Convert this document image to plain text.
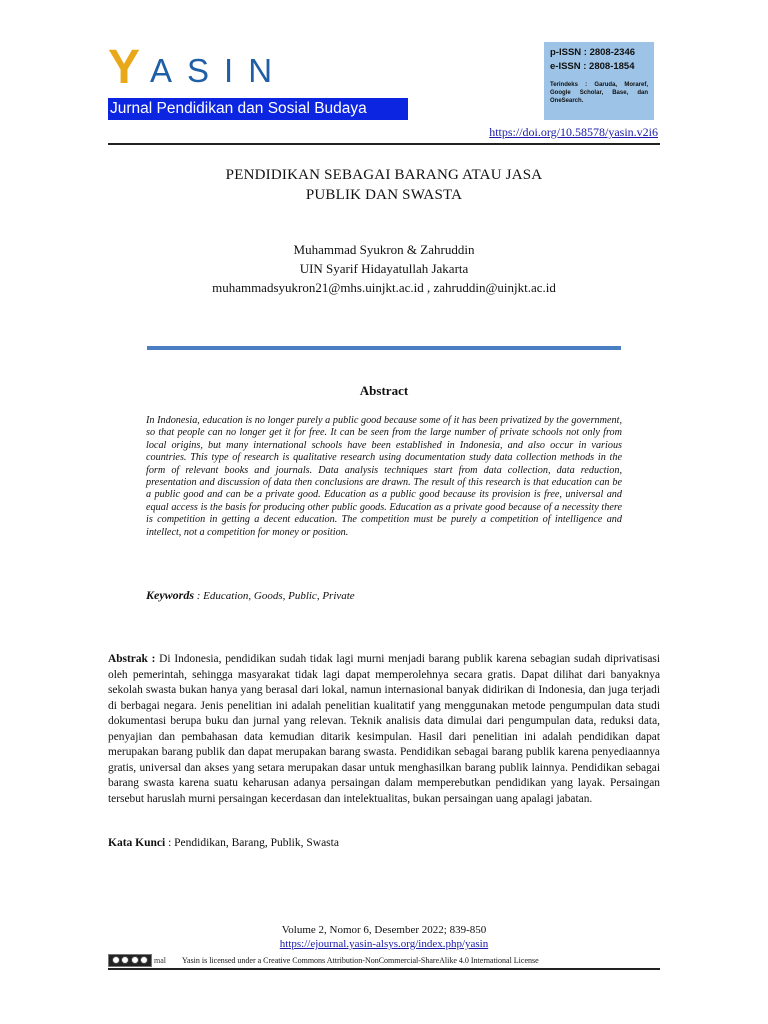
Y ASIN
Jurnal Pendidikan dan Sosial Budaya
p-ISSN : 2808-2346
e-ISSN : 2808-1854
Terindeks : Garuda, Moraref, Google Scholar, Base, dan OneSearch.
https://doi.org/10.58578/yasin.v2i6
PENDIDIKAN SEBAGAI BARANG ATAU JASA
PUBLIK DAN SWASTA
Muhammad Syukron & Zahruddin
UIN Syarif Hidayatullah Jakarta
muhammadsyukron21@mhs.uinjkt.ac.id , zahruddin@uinjkt.ac.id
Abstract

In Indonesia, education is no longer purely a public good because some of it has been privatized by the government, so that people can no longer get it for free. It can be seen from the large number of private schools not only from local origins, but many international schools have been established in Indonesia, and also occur in various countries. This type of research is qualitative research using documentation study data collection methods in the form of relevant books and journals. Data analysis techniques start from data collection, data reduction, presentation and discussion of data then conclusions are drawn. The result of this research is that education can be a public good and can be a private good. Education as a public good because its provision is free, universal and equal access is the basis for producing other public goods. Education as a private good because of a necessity there is competition in getting a decent education. The competition must be purely a competition of intelligence and intellect, not a competition for money or position.

Keywords : Education, Goods, Public, Private

Abstrak : Di Indonesia, pendidikan sudah tidak lagi murni menjadi barang publik karena sebagian sudah diprivatisasi oleh pemerintah, sehingga masyarakat tidak lagi dapat memperolehnya secara gratis. Dapat dilihat dari banyaknya sekolah swasta bukan hanya yang berasal dari lokal, namun internasional banyak didirikan di Indonesia, dan juga terjadi di berbagai negara. Jenis penelitian ini adalah penelitian kualitatif yang menggunakan metode pengumpulan data studi dokumentasi berupa buku dan jurnal yang relevan. Teknik analisis data dimulai dari pengumpulan data, reduksi data, penyajian dan pembahasan data kemudian ditarik kesimpulan. Hasil dari penelitian ini adalah pendidikan dapat merupakan barang publik dan dapat merupakan barang swasta. Pendidikan sebagai barang publik karena penyediaannya gratis, universal dan akses yang setara merupakan dasar untuk menghasilkan barang publik lainnya. Pendidikan sebagai barang swasta karena suatu keharusan adanya persaingan dalam memperebutkan pendidikan yang layak. Persaingan tersebut haruslah murni persaingan kecerdasan dan intelektualitas, bukan persaingan uang apalagi jabatan.

Kata Kunci : Pendidikan, Barang, Publik, Swasta
Volume 2, Nomor 6, Desember 2022; 839-850
https://ejournal.yasin-alsys.org/index.php/yasin
mal Yasin is licensed under a Creative Commons Attribution-NonCommercial-ShareAlike 4.0 International License
